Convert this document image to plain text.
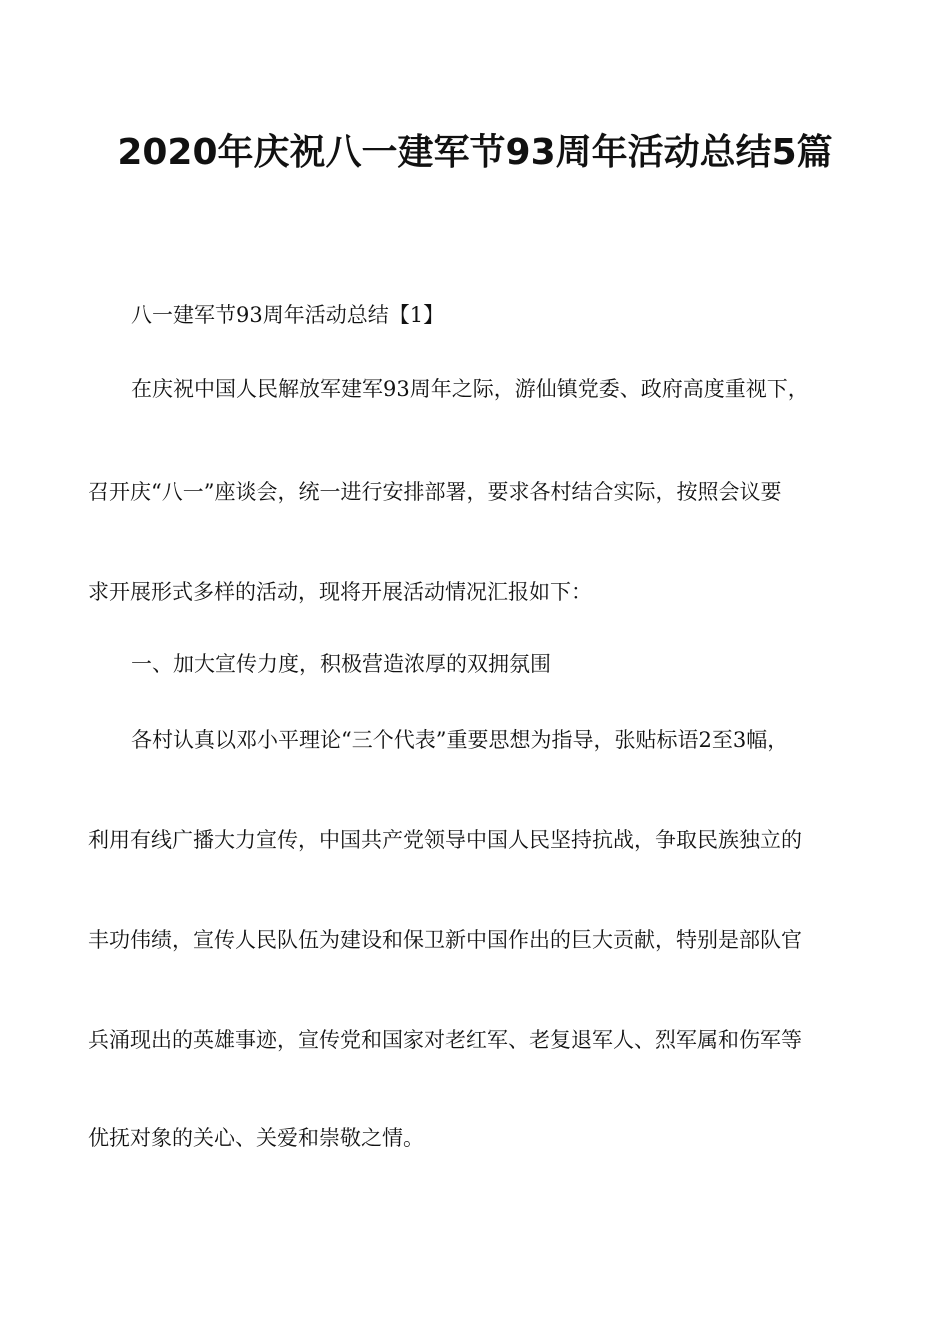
2020年庆祝八一建军节93周年活动总结5篇
八一建军节93周年活动总结【1】
在庆祝中国人民解放军建军93周年之际，游仙镇党委、政府高度重视下，
召开庆“八一”座谈会，统一进行安排部署，要求各村结合实际，按照会议要
求开展形式多样的活动，现将开展活动情况汇报如下：
一、加大宣传力度，积极营造浓厚的双拥氛围
各村认真以邓小平理论“三个代表”重要思想为指导，张贴标语2至3幅，
利用有线广播大力宣传，中国共产党领导中国人民坚持抗战，争取民族独立的
丰功伟绩，宣传人民队伍为建设和保卫新中国作出的巨大贡献，特别是部队官
兵涌现出的英雄事迹，宣传党和国家对老红军、老复退军人、烈军属和伤军等
优抚对象的关心、关爱和崇敬之情。
